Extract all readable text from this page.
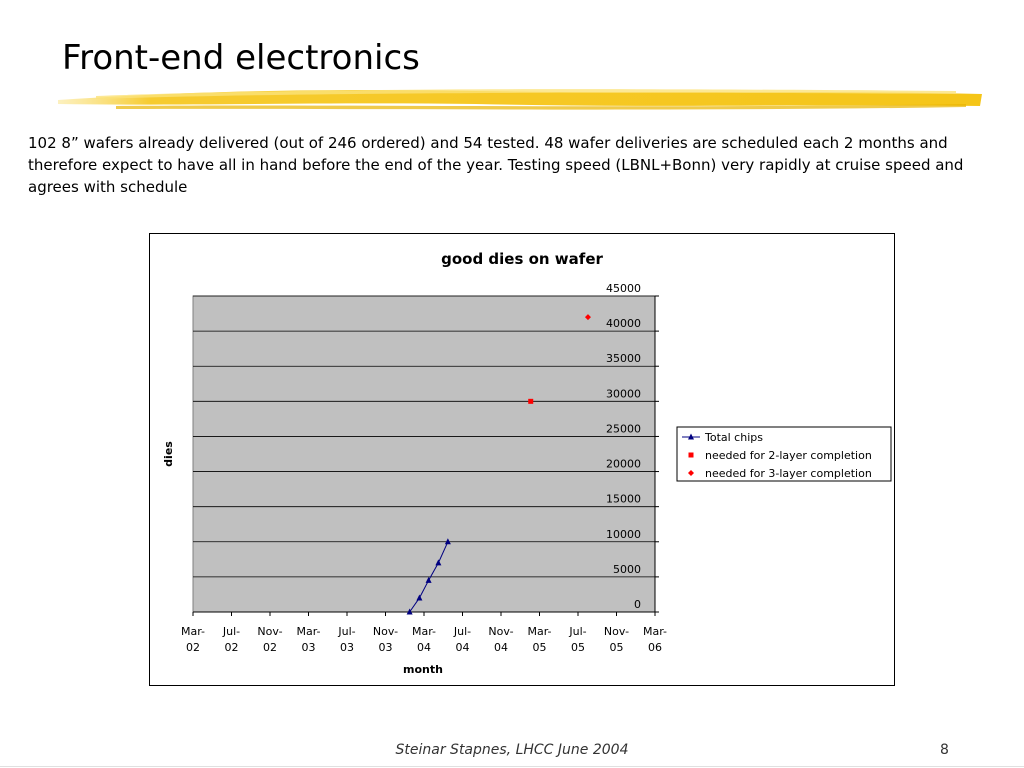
Front-end electronics
102 8” wafers already delivered (out of 246 ordered) and 54 tested. 48 wafer deliveries are scheduled each 2 months and therefore expect to have all in hand before the end of the year. Testing speed (LBNL+Bonn) very rapidly at cruise speed and agrees with schedule
good dies on wafer
0
5000
10000
15000
20000
25000
30000
35000
40000
45000
Mar-02
Jul-02
Nov-02
Mar-03
Jul-03
Nov-03
Mar-04
Jul-04
Nov-04
Mar-05
Jul-05
Nov-05
Mar-06
dies
month
Total chips
needed for 2-layer completion
needed for 3-layer completion
Steinar Stapnes, LHCC June 2004	8
